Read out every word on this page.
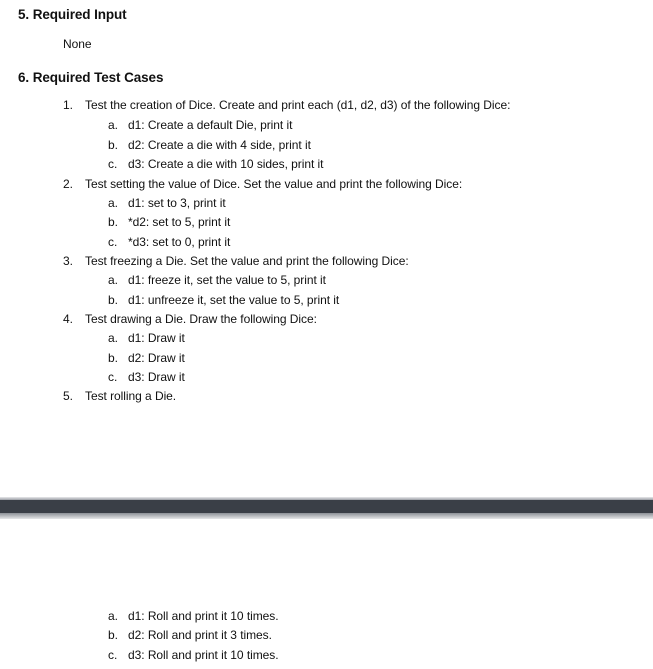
5. Required Input
None
6. Required Test Cases
1. Test the creation of Dice. Create and print each (d1, d2, d3) of the following Dice:
a. d1: Create a default Die, print it
b. d2: Create a die with 4 side, print it
c. d3: Create a die with 10 sides, print it
2. Test setting the value of Dice. Set the value and print the following Dice:
a. d1: set to 3, print it
b. *d2: set to 5, print it
c. *d3: set to 0, print it
3. Test freezing a Die. Set the value and print the following Dice:
a. d1: freeze it, set the value to 5, print it
b. d1: unfreeze it, set the value to 5, print it
4. Test drawing a Die. Draw the following Dice:
a. d1: Draw it
b. d2: Draw it
c. d3: Draw it
5. Test rolling a Die.
a. d1: Roll and print it 10 times.
b. d2: Roll and print it 3 times.
c. d3: Roll and print it 10 times.
